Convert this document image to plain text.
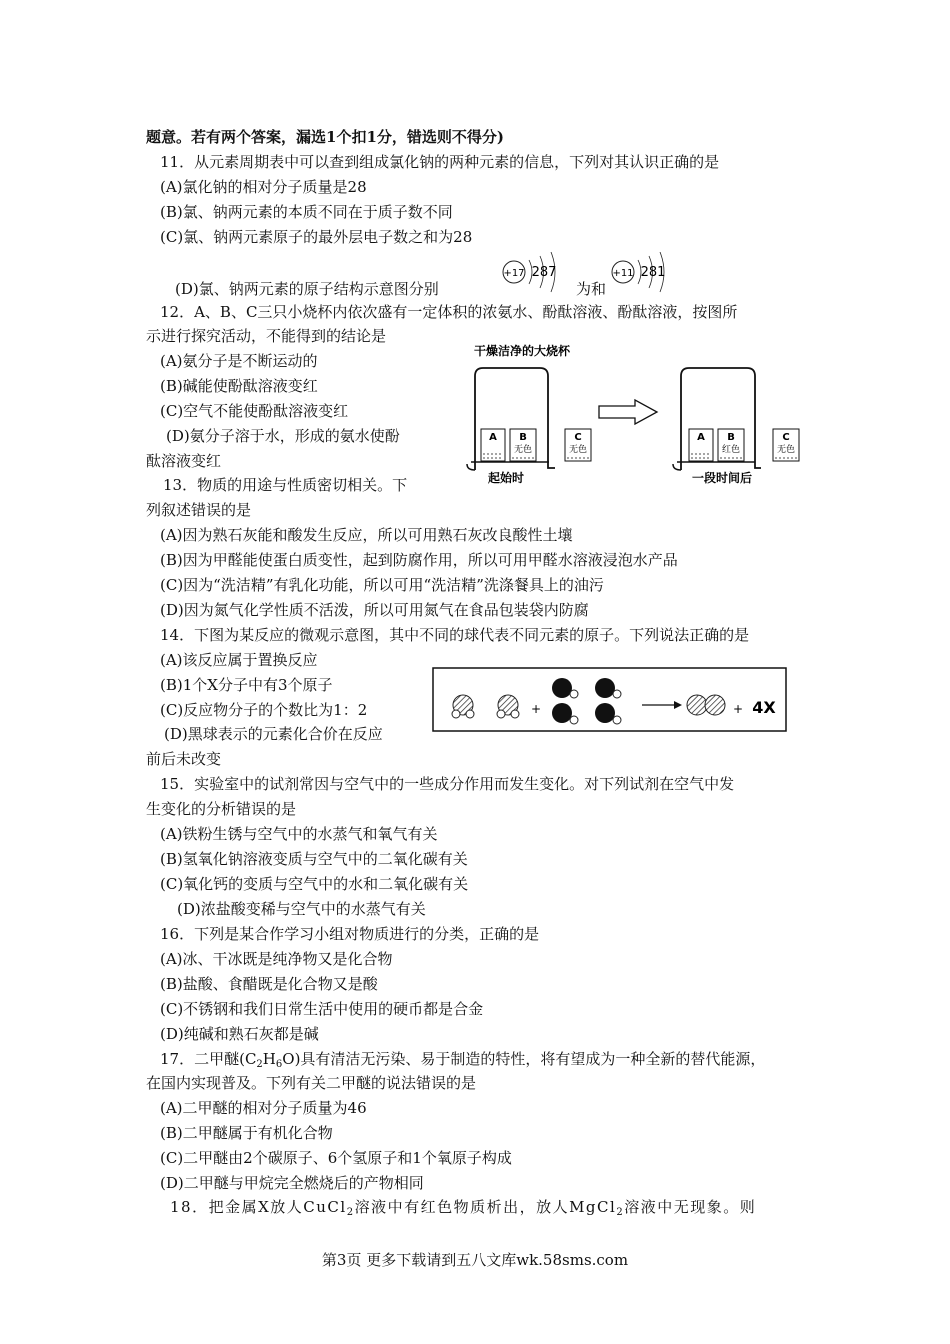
题意。若有两个答案，漏选1个扣1分，错选则不得分)
11．从元素周期表中可以查到组成氯化钠的两种元素的信息，下列对其认识正确的是
(A)氯化钠的相对分子质量是28
(B)氯、钠两元素的本质不同在于质子数不同
(C)氯、钠两元素原子的最外层电子数之和为28
(D)氯、钠两元素的原子结构示意图分别
+17 287
为和
+11 281
12．A、B、C三只小烧杯内依次盛有一定体积的浓氨水、酚酞溶液、酚酞溶液，按图所
示进行探究活动，不能得到的结论是
(A)氨分子是不断运动的
(B)碱能使酚酞溶液变红
(C)空气不能使酚酞溶液变红
(D)氨分子溶于水，形成的氨水使酚
酞溶液变红
干燥洁净的大烧杯
A B
无色
C
无色
起始时
A B
红色
C
无色
一段时间后
13．物质的用途与性质密切相关。下
列叙述错误的是
(A)因为熟石灰能和酸发生反应，所以可用熟石灰改良酸性土壤
(B)因为甲醛能使蛋白质变性，起到防腐作用，所以可用甲醛水溶液浸泡水产品
(C)因为“洗洁精”有乳化功能，所以可用“洗洁精”洗涤餐具上的油污
(D)因为氮气化学性质不活泼，所以可用氮气在食品包装袋内防腐
14．下图为某反应的微观示意图，其中不同的球代表不同元素的原子。下列说法正确的是
(A)该反应属于置换反应
(B)1个X分子中有3个原子
(C)反应物分子的个数比为1：2
(D)黑球表示的元素化合价在反应
前后未改变
+	+ 4X
15．实验室中的试剂常因与空气中的一些成分作用而发生变化。对下列试剂在空气中发
生变化的分析错误的是
(A)铁粉生锈与空气中的水蒸气和氧气有关
(B)氢氧化钠溶液变质与空气中的二氧化碳有关
(C)氧化钙的变质与空气中的水和二氧化碳有关
(D)浓盐酸变稀与空气中的水蒸气有关
16．下列是某合作学习小组对物质进行的分类，正确的是
(A)冰、干冰既是纯净物又是化合物
(B)盐酸、食醋既是化合物又是酸
(C)不锈钢和我们日常生活中使用的硬币都是合金
(D)纯碱和熟石灰都是碱
17．二甲醚$(C_2H_6O)$具有清洁无污染、易于制造的特性，将有望成为一种全新的替代能源，
在国内实现普及。下列有关二甲醚的说法错误的是
(A)二甲醚的相对分子质量为46
(B)二甲醚属于有机化合物
(C)二甲醚由2个碳原子、6个氢原子和1个氧原子构成
(D)二甲醚与甲烷完全燃烧后的产物相同
18．把金属X放人CuCl$_2$溶液中有红色物质析出，放人MgCl$_2$溶液中无现象。则
第3页 更多下载请到五八文库wk.58sms.com
